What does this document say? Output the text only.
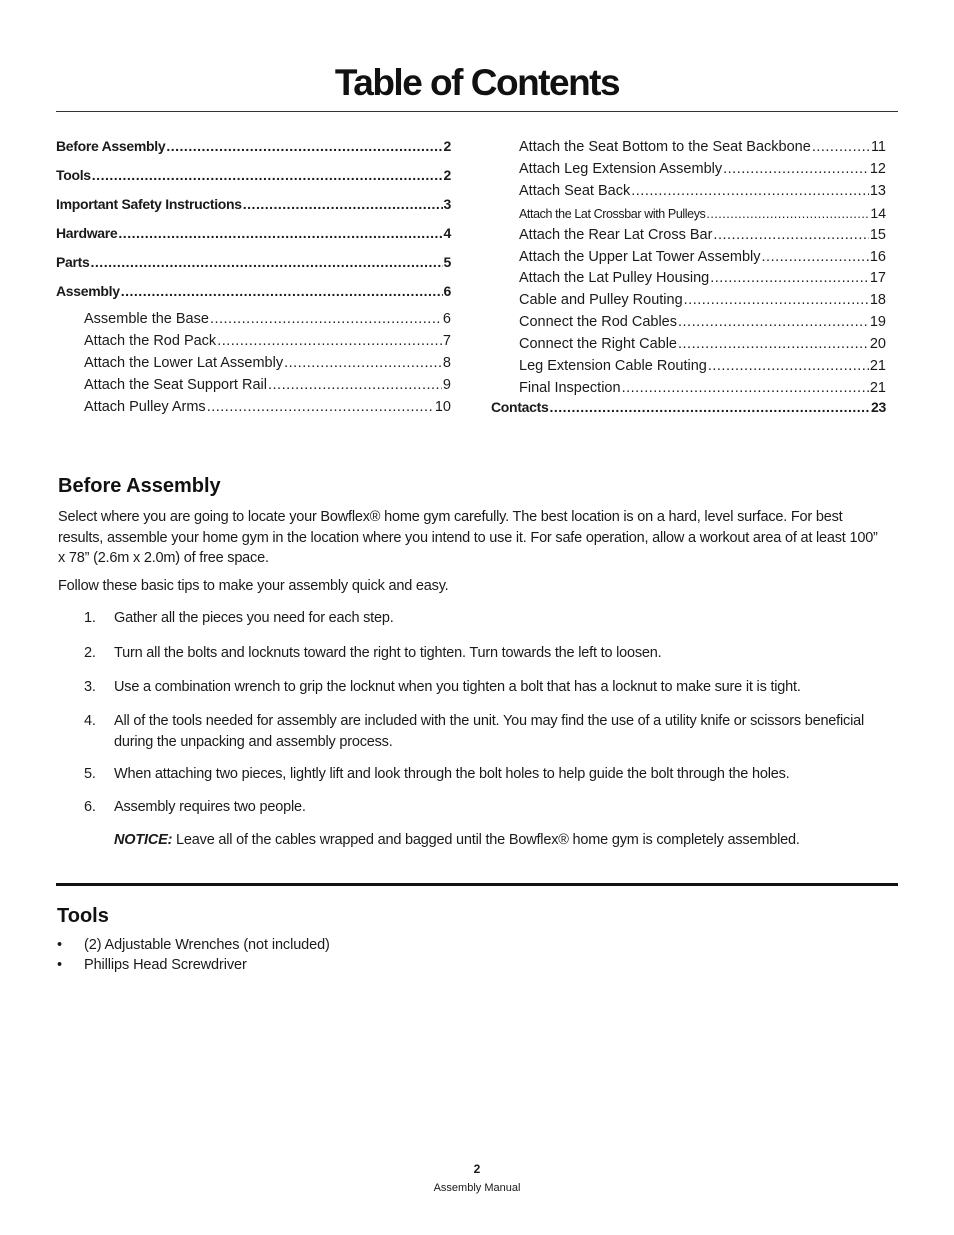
Table of Contents
Before Assembly .....	2
Tools .....	2
Important Safety Instructions .....	3
Hardware .....	4
Parts .....	5
Assembly .....	6
Assemble the Base .....	6
Attach the Rod Pack .....	7
Attach the Lower Lat Assembly .....	8
Attach the Seat Support Rail .....	9
Attach Pulley Arms .....	10
Attach the Seat Bottom to the Seat Backbone .....	11
Attach Leg Extension Assembly .....	12
Attach Seat Back .....	13
Attach the Lat Crossbar with Pulleys .....	14
Attach the Rear Lat Cross Bar .....	15
Attach the Upper Lat Tower Assembly .....	16
Attach the Lat Pulley Housing .....	17
Cable and Pulley Routing .....	18
Connect the Rod Cables .....	19
Connect the Right Cable .....	20
Leg Extension Cable Routing .....	21
Final Inspection .....	21
Contacts .....	23
Before Assembly
Select where you are going to locate your Bowflex® home gym carefully. The best location is on a hard, level surface. For best results, assemble your home gym in the location where you intend to use it. For safe operation, allow a workout area of at least 100” x 78” (2.6m x 2.0m) of free space.
Follow these basic tips to make your assembly quick and easy.
1. Gather all the pieces you need for each step.
2. Turn all the bolts and locknuts toward the right to tighten. Turn towards the left to loosen.
3. Use a combination wrench to grip the locknut when you tighten a bolt that has a locknut to make sure it is tight.
4. All of the tools needed for assembly are included with the unit. You may find the use of a utility knife or scissors beneficial during the unpacking and assembly process.
5. When attaching two pieces, lightly lift and look through the bolt holes to help guide the bolt through the holes.
6. Assembly requires two people.
NOTICE: Leave all of the cables wrapped and bagged until the Bowflex® home gym is completely assembled.
Tools
• (2) Adjustable Wrenches (not included)
• Phillips Head Screwdriver
2
Assembly Manual
